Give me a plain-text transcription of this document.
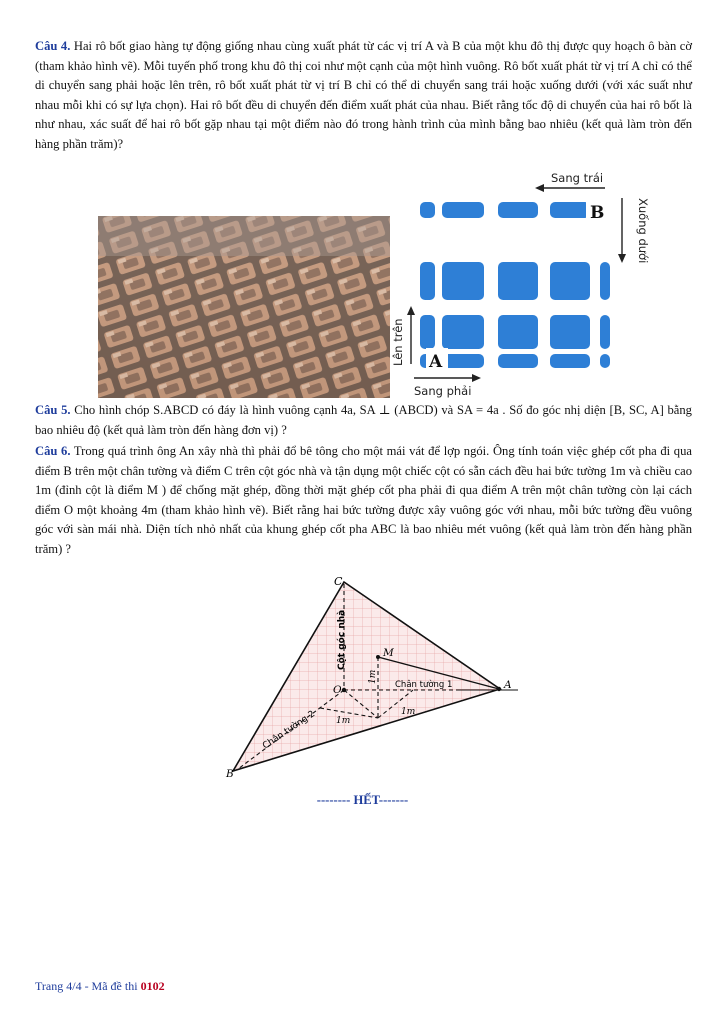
Câu 4. Hai rô bốt giao hàng tự động giống nhau cùng xuất phát từ các vị trí A và B của một khu đô thị được quy hoạch ô bàn cờ (tham khảo hình vẽ). Mỗi tuyến phố trong khu đô thị coi như một cạnh của một hình vuông. Rô bốt xuất phát từ vị trí A chỉ có thể di chuyển sang phải hoặc lên trên, rô bốt xuất phát từ vị trí B chỉ có thể di chuyển sang trái hoặc xuống dưới (với xác suất như nhau mỗi khi có sự lựa chọn). Hai rô bốt đều di chuyển đến điểm xuất phát của nhau. Biết rằng tốc độ di chuyển của hai rô bốt là như nhau, xác suất để hai rô bốt gặp nhau tại một điểm nào đó trong hành trình của mình bằng bao nhiêu (kết quả làm tròn đến hàng phần trăm)?

Sang trái
Xuống dưới
Lên trên
Sang phải
B
A

Câu 5. Cho hình chóp S.ABCD có đáy là hình vuông cạnh 4a, SA ⊥ (ABCD) và SA = 4a . Số đo góc nhị diện [B, SC, A] bằng bao nhiêu độ (kết quả làm tròn đến hàng đơn vị) ?

Câu 6. Trong quá trình ông An xây nhà thì phải đổ bê tông cho một mái vát để lợp ngói. Ông tính toán việc ghép cốt pha đi qua điểm B trên một chân tường và điểm C trên cột góc nhà và tận dụng một chiếc cột có sẵn cách đều hai bức tường 1m và chiều cao 1m (đỉnh cột là điểm M ) để chống mặt ghép, đồng thời mặt ghép cốt pha phải đi qua điểm A trên một chân tường còn lại cách điểm O một khoảng 4m (tham khảo hình vẽ). Biết rằng hai bức tường được xây vuông góc với nhau, mỗi bức tường đều vuông góc với sàn mái nhà. Diện tích nhỏ nhất của khung ghép cốt pha ABC là bao nhiêu mét vuông (kết quả làm tròn đến hàng phần trăm) ?

C
M
O	A
B
Cột góc nhà
Chân tường 1
Chân tường 2
1m
1m
1m
-------- HẾT-------
Trang 4/4 - Mã đề thi 0102
